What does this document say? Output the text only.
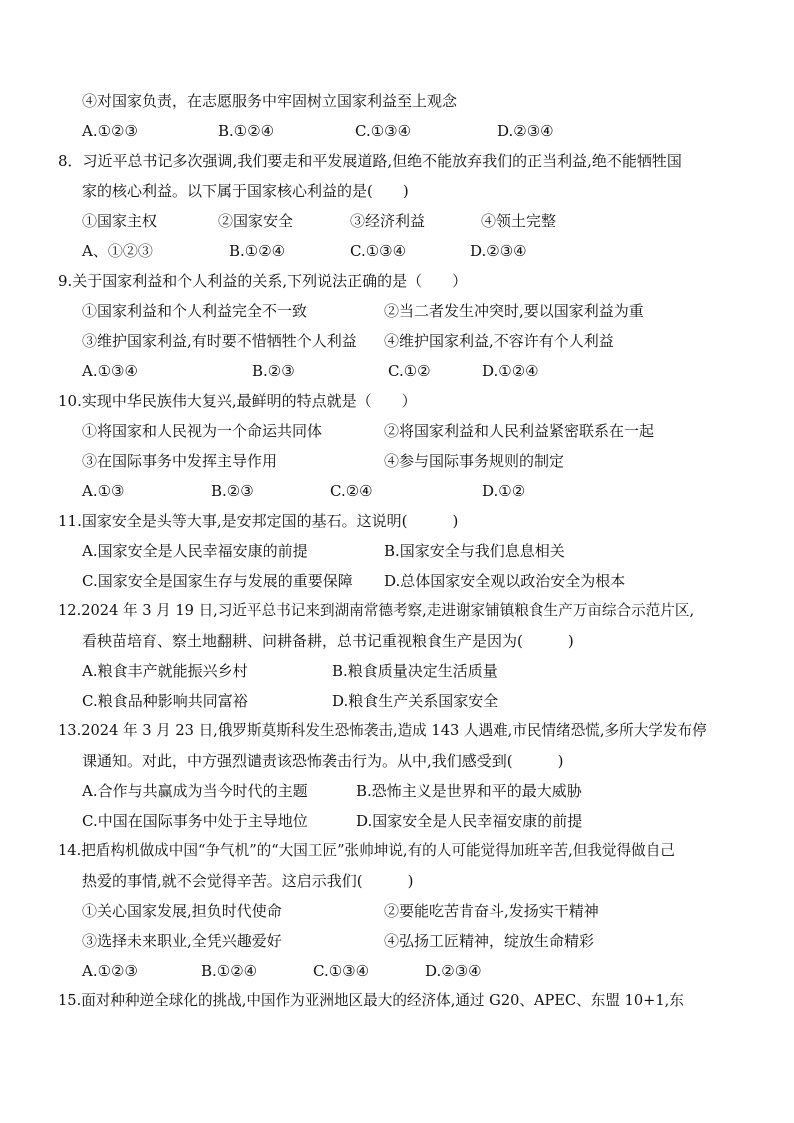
④对国家负责，在志愿服务中牢固树立国家利益至上观念
A.①②③	B.①②④	C.①③④	D.②③④
8．习近平总书记多次强调,我们要走和平发展道路,但绝不能放弃我们的正当利益,绝不能牺牲国
家的核心利益。以下属于国家核心利益的是(　　)
①国家主权	②国家安全	③经济利益	④领土完整
A、①②③	B.①②④	C.①③④	D.②③④
9.关于国家利益和个人利益的关系,下列说法正确的是（　　）
①国家利益和个人利益完全不一致	②当二者发生冲突时,要以国家利益为重
③维护国家利益,有时要不惜牺牲个人利益 ④维护国家利益,不容许有个人利益
A.①③④	B.②③	C.①②	D.①②④
10.实现中华民族伟大复兴,最鲜明的特点就是（　　）
①将国家和人民视为一个命运共同体	②将国家利益和人民利益紧密联系在一起
③在国际事务中发挥主导作用	④参与国际事务规则的制定
A.①③	B.②③	C.②④	D.①②
11.国家安全是头等大事,是安邦定国的基石。这说明(　　　)
A.国家安全是人民幸福安康的前提	B.国家安全与我们息息相关
C.国家安全是国家生存与发展的重要保障 D.总体国家安全观以政治安全为根本
12.2024 年 3 月 19 日,习近平总书记来到湖南常德考察,走进谢家铺镇粮食生产万亩综合示范片区,
看秧苗培育、察土地翻耕、问耕备耕，总书记重视粮食生产是因为(　　　)
A.粮食丰产就能振兴乡村	B.粮食质量决定生活质量
C.粮食品种影响共同富裕	D.粮食生产关系国家安全
13.2024 年 3 月 23 日,俄罗斯莫斯科发生恐怖袭击,造成 143 人遇难,市民情绪恐慌,多所大学发布停
课通知。对此，中方强烈谴责该恐怖袭击行为。从中,我们感受到(　　　)
A.合作与共赢成为当今时代的主题	B.恐怖主义是世界和平的最大威胁
C.中国在国际事务中处于主导地位	D.国家安全是人民幸福安康的前提
14.把盾构机做成中国“争气机”的“大国工匠”张帅坤说,有的人可能觉得加班辛苦,但我觉得做自己
热爱的事情,就不会觉得辛苦。这启示我们(　　　)
①关心国家发展,担负时代使命	②要能吃苦肯奋斗,发扬实干精神
③选择未来职业,全凭兴趣爱好	④弘扬工匠精神，绽放生命精彩
A.①②③	B.①②④	C.①③④	D.②③④
15.面对种种逆全球化的挑战,中国作为亚洲地区最大的经济体,通过 G20、APEC、东盟 10+1,东
